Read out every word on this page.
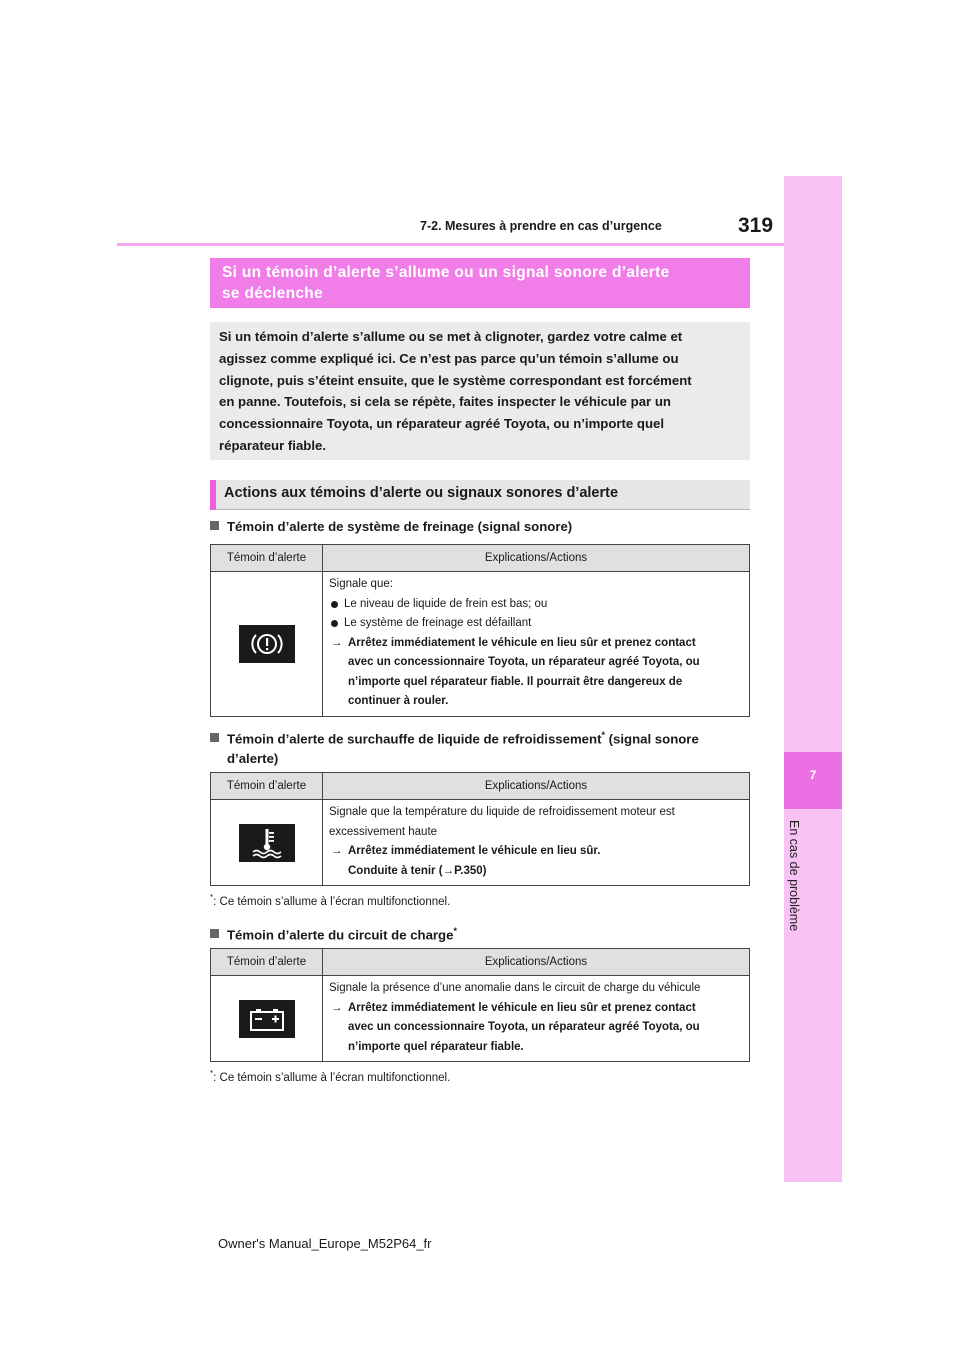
7-2. Mesures à prendre en cas d’urgence	319
7
En cas de problème
Si un témoin d’alerte s’allume ou un signal sonore d’alerte
se déclenche
Si un témoin d’alerte s’allume ou se met à clignoter, gardez votre calme et
agissez comme expliqué ici. Ce n’est pas parce qu’un témoin s’allume ou
clignote, puis s’éteint ensuite, que le système correspondant est forcément
en panne. Toutefois, si cela se répète, faites inspecter le véhicule par un
concessionnaire Toyota, un réparateur agréé Toyota, ou n’importe quel
réparateur fiable.
Actions aux témoins d’alerte ou signaux sonores d’alerte
Témoin d’alerte de système de freinage (signal sonore)
Témoin d’alerte	Explications/Actions
Signale que:
Le niveau de liquide de frein est bas; ou
Le système de freinage est défaillant
→ Arrêtez immédiatement le véhicule en lieu sûr et prenez contact
avec un concessionnaire Toyota, un réparateur agréé Toyota, ou
n’importe quel réparateur fiable. Il pourrait être dangereux de
continuer à rouler.
Témoin d’alerte de surchauffe de liquide de refroidissement* (signal sonore
d’alerte)
Témoin d’alerte	Explications/Actions
Signale que la température du liquide de refroidissement moteur est
excessivement haute
→ Arrêtez immédiatement le véhicule en lieu sûr.
Conduite à tenir (→P.350)
*: Ce témoin s’allume à l’écran multifonctionnel.
Témoin d’alerte du circuit de charge*
Témoin d’alerte	Explications/Actions
Signale la présence d’une anomalie dans le circuit de charge du véhicule
→ Arrêtez immédiatement le véhicule en lieu sûr et prenez contact
avec un concessionnaire Toyota, un réparateur agréé Toyota, ou
n’importe quel réparateur fiable.
*: Ce témoin s’allume à l’écran multifonctionnel.
Owner's Manual_Europe_M52P64_fr
